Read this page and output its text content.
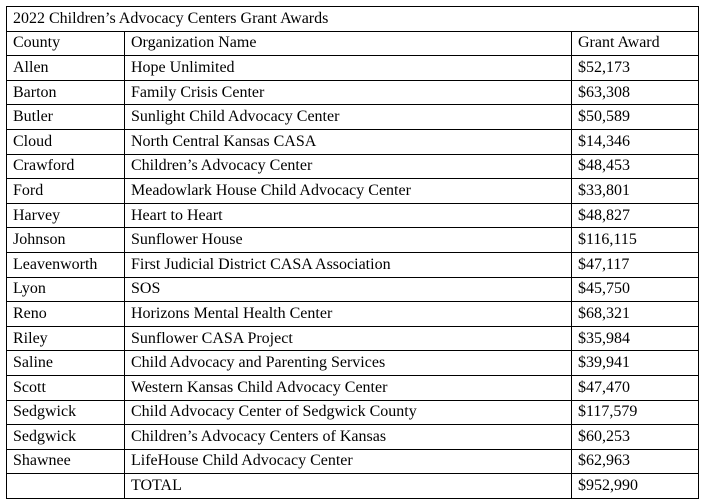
2022 Children’s Advocacy Centers Grant Awards		
County	Organization Name	Grant Award
Allen	Hope Unlimited	$52,173
Barton	Family Crisis Center	$63,308
Butler	Sunlight Child Advocacy Center	$50,589
Cloud	North Central Kansas CASA	$14,346
Crawford	Children’s Advocacy Center	$48,453
Ford	Meadowlark House Child Advocacy Center	$33,801
Harvey	Heart to Heart	$48,827
Johnson	Sunflower House	$116,115
Leavenworth	First Judicial District CASA Association	$47,117
Lyon	SOS	$45,750
Reno	Horizons Mental Health Center	$68,321
Riley	Sunflower CASA Project	$35,984
Saline	Child Advocacy and Parenting Services	$39,941
Scott	Western Kansas Child Advocacy Center	$47,470
Sedgwick	Child Advocacy Center of Sedgwick County	$117,579
Sedgwick	Children’s Advocacy Centers of Kansas	$60,253
Shawnee	LifeHouse Child Advocacy Center	$62,963
	TOTAL	$952,990
